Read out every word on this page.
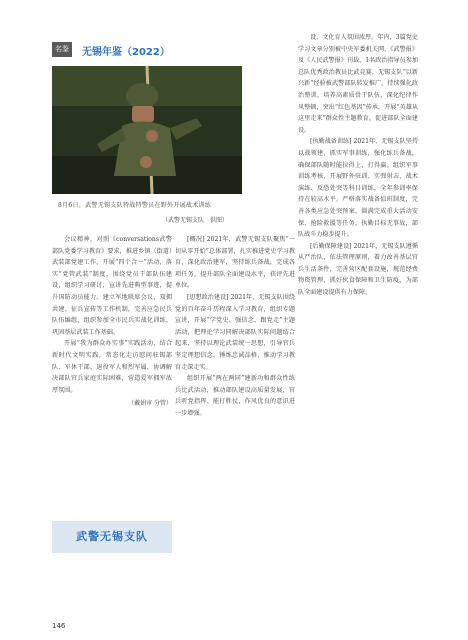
名鉴	无锡年鉴（2022）
8月6日，武警无锡支队特战特警员在野外开展战术训练
（武警无锡支队　供图）

会议精神，对照《conversations武警部队党委学习教育》要求，推进乡镇（街道）武装部党建工作，开展“四个合一”活动，落实“党管武装”制度，围绕党员干部队伍建设，组织学习研讨，宣讲先进典型事迹，提升国防动员能力。建立军地联席会议、双拥共建、征兵宣传等工作机制，完善应急民兵队伍编组，组织参加全市民兵实战化训练，巩固基层武装工作基础。

开展“我为群众办实事”实践活动，结合新时代文明实践，常态化走访慰问驻锡部队、军休干部、退役军人和烈军属，协调解决部队官兵家庭实际困难，营造爱军拥军浓厚氛围。

（戴娟审 分管）
武警无锡支队

[概况] 2021年，武警无锡支队聚焦“一切从零开始”总体部署，扎实推进党史学习教育，深化政治建军，坚持练兵备战，完成各项任务，提升部队全面建设水平，获评先进单位。

[思想政治建设] 2021年，无锡支队围绕党的百年奋斗历程深入学习教育，组织专题宣讲，开展“学党史、强信念、跟党走”主题活动，把理论学习同解决部队实际问题结合起来，坚持以理论武装统一思想，引导官兵坚定理想信念，锤炼忠诚品格，推动学习教育走深走实。

组织开展“两在两同”建新功和群众性练兵比武活动，推动部队建设高质量发展，官兵听党指挥、能打胜仗、作风优良的意识进一步增强。

设，文化育人氛围浓厚。年内，3篇党史学习文章分别被中央军委机关网、《武警报》及《人民武警报》刊载，1名政治指导员参加总队优秀政治教员比武竞赛，无锡支队“以新兴新”经验被武警部队转发推广。持续强化政治整训，培养高素质骨干队伍，深化纪律作风整顿，突出“红色基因”传承，开展“英雄从这里走来”群众性主题教育，促进部队全面建设。

[执勤战备训练] 2021年，无锡支队坚持以战领建，抓实军事训练，强化练兵备战，确保部队随时能拉得上、打得赢。组织军事训练考核，开展野外驻训、实弹射击、战术演练、反恐处突等科目训练，全年参训率保持在较高水平。严格落实战备值班制度，完善各类应急处突预案，圆满完成重大活动安保、抢险救援等任务，执勤目标无事故，部队战斗力稳步提升。

[后勤保障建设] 2021年，无锡支队遵循从严治队、依法管理原则，着力改善基层官兵生活条件，完善营区配套设施，规范经费物资管理，抓好伙食保障和卫生防疫，为部队全面建设提供有力保障。

146
